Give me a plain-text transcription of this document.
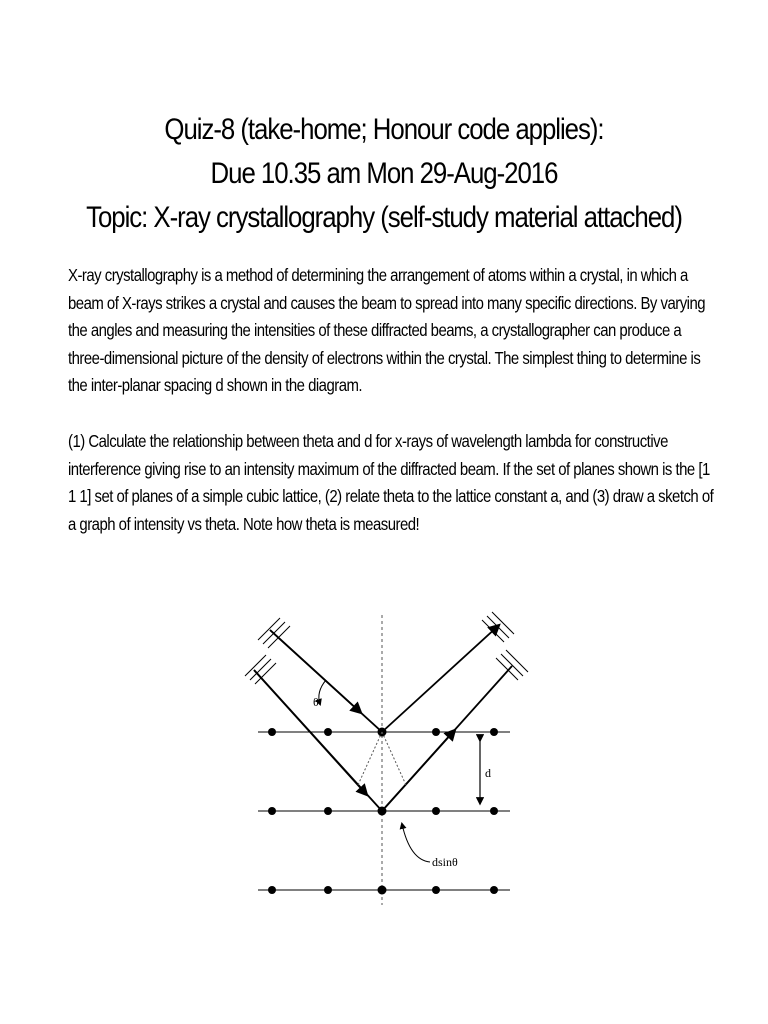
Quiz-8 (take-home; Honour code applies):
Due 10.35 am Mon 29-Aug-2016
Topic: X-ray crystallography (self-study material attached)

X-ray crystallography is a method of determining the arrangement of atoms within a crystal, in which a beam of X-rays strikes a crystal and causes the beam to spread into many specific directions. By varying the angles and measuring the intensities of these diffracted beams, a crystallographer can produce a three-dimensional picture of the density of electrons within the crystal. The simplest thing to determine is the inter-planar spacing d shown in the diagram.

(1) Calculate the relationship between theta and d for x-rays of wavelength lambda for constructive interference giving rise to an intensity maximum of the diffracted beam. If the set of planes shown is the [1 1 1] set of planes of a simple cubic lattice, (2) relate theta to the lattice constant a, and (3) draw a sketch of a graph of intensity vs theta. Note how theta is measured!

θ
d
dsinθ
